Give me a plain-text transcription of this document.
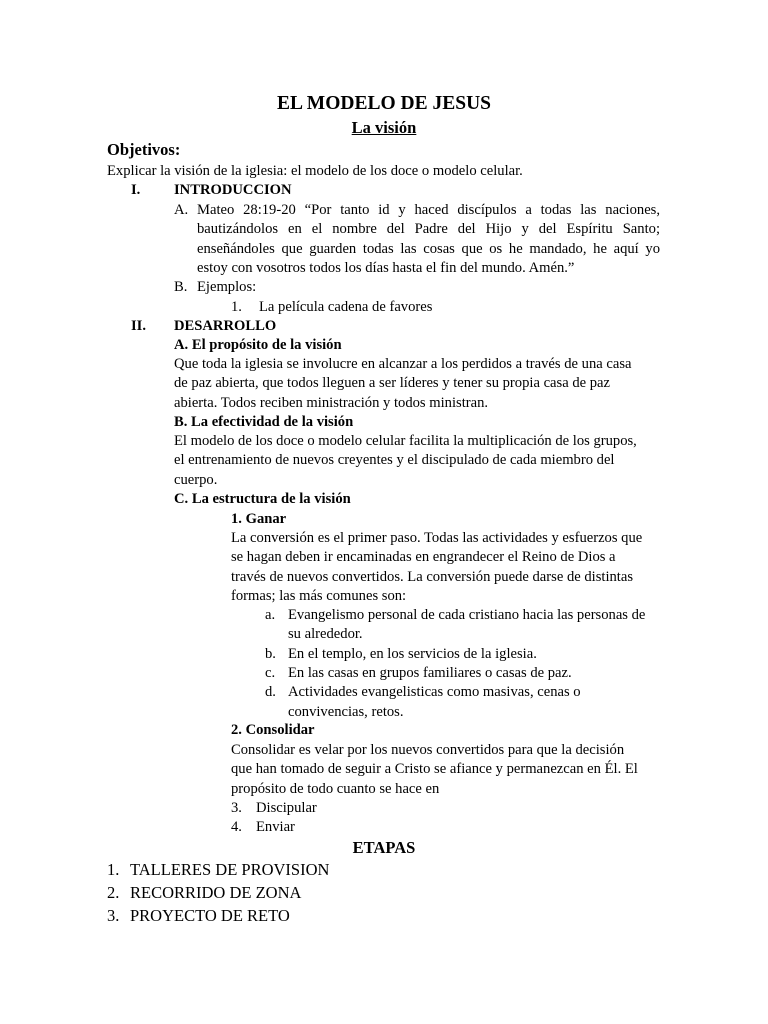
EL MODELO DE JESUS
La visión
Objetivos:
Explicar la visión de la iglesia: el modelo de los doce o modelo celular.
I. INTRODUCCION
A. Mateo 28:19-20 “Por tanto id y haced discípulos a todas las naciones,
bautizándolos en el nombre del Padre del Hijo y del Espíritu Santo;
enseñándoles que guarden todas las cosas que os he mandado, he aquí yo
estoy con vosotros todos los días hasta el fin del mundo. Amén.”
B. Ejemplos:
1. La película cadena de favores
II. DESARROLLO
A. El propósito de la visión
Que toda la iglesia se involucre en alcanzar a los perdidos a través de una casa
de paz abierta, que todos lleguen a ser líderes y tener su propia casa de paz
abierta. Todos reciben ministración y todos ministran.
B. La efectividad de la visión
El modelo de los doce o modelo celular facilita la multiplicación de los grupos,
el entrenamiento de nuevos creyentes y el discipulado de cada miembro del
cuerpo.
C. La estructura de la visión
1. Ganar
La conversión es el primer paso. Todas las actividades y esfuerzos que
se hagan deben ir encaminadas en engrandecer el Reino de Dios a
través de nuevos convertidos. La conversión puede darse de distintas
formas; las más comunes son:
a. Evangelismo personal de cada cristiano hacia las personas de
su alrededor.
b. En el templo, en los servicios de la iglesia.
c. En las casas en grupos familiares o casas de paz.
d. Actividades evangelisticas como masivas, cenas o
convivencias, retos.
2. Consolidar
Consolidar es velar por los nuevos convertidos para que la decisión
que han tomado de seguir a Cristo se afiance y permanezcan en Él. El
propósito de todo cuanto se hace en
3. Discipular
4. Enviar
ETAPAS
1. TALLERES DE PROVISION
2. RECORRIDO DE ZONA
3. PROYECTO DE RETO
